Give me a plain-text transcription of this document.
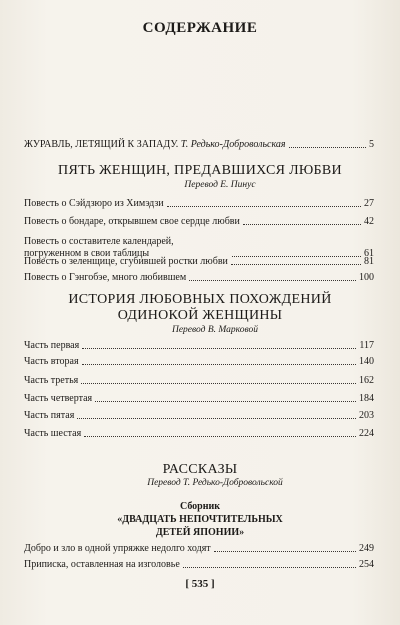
СОДЕРЖАНИЕ
ЖУРАВЛЬ, ЛЕТЯЩИЙ К ЗАПАДУ. Т. Редько-Добровольская	5
ПЯТЬ ЖЕНЩИН, ПРЕДАВШИХСЯ ЛЮБВИ
Перевод Е. Пинус
Повесть о Сэйдзюро из Химэдзи	27
Повесть о бондаре, открывшем свое сердце любви	42
Повесть о составителе календарей, погруженном в свои таблицы	61
Повесть о зеленщице, сгубившей ростки любви	81
Повесть о Гэнгобэе, много любившем	100
ИСТОРИЯ ЛЮБОВНЫХ ПОХОЖДЕНИЙ
ОДИНОКОЙ ЖЕНЩИНЫ
Перевод В. Марковой
Часть первая	117
Часть вторая	140
Часть третья	162
Часть четвертая	184
Часть пятая	203
Часть шестая	224
РАССКАЗЫ
Перевод Т. Редько-Добровольской
Сборник
«ДВАДЦАТЬ НЕПОЧТИТЕЛЬНЫХ
ДЕТЕЙ ЯПОНИИ»
Добро и зло в одной упряжке недолго ходят	249
Приписка, оставленная на изголовье	254
[ 535 ]
